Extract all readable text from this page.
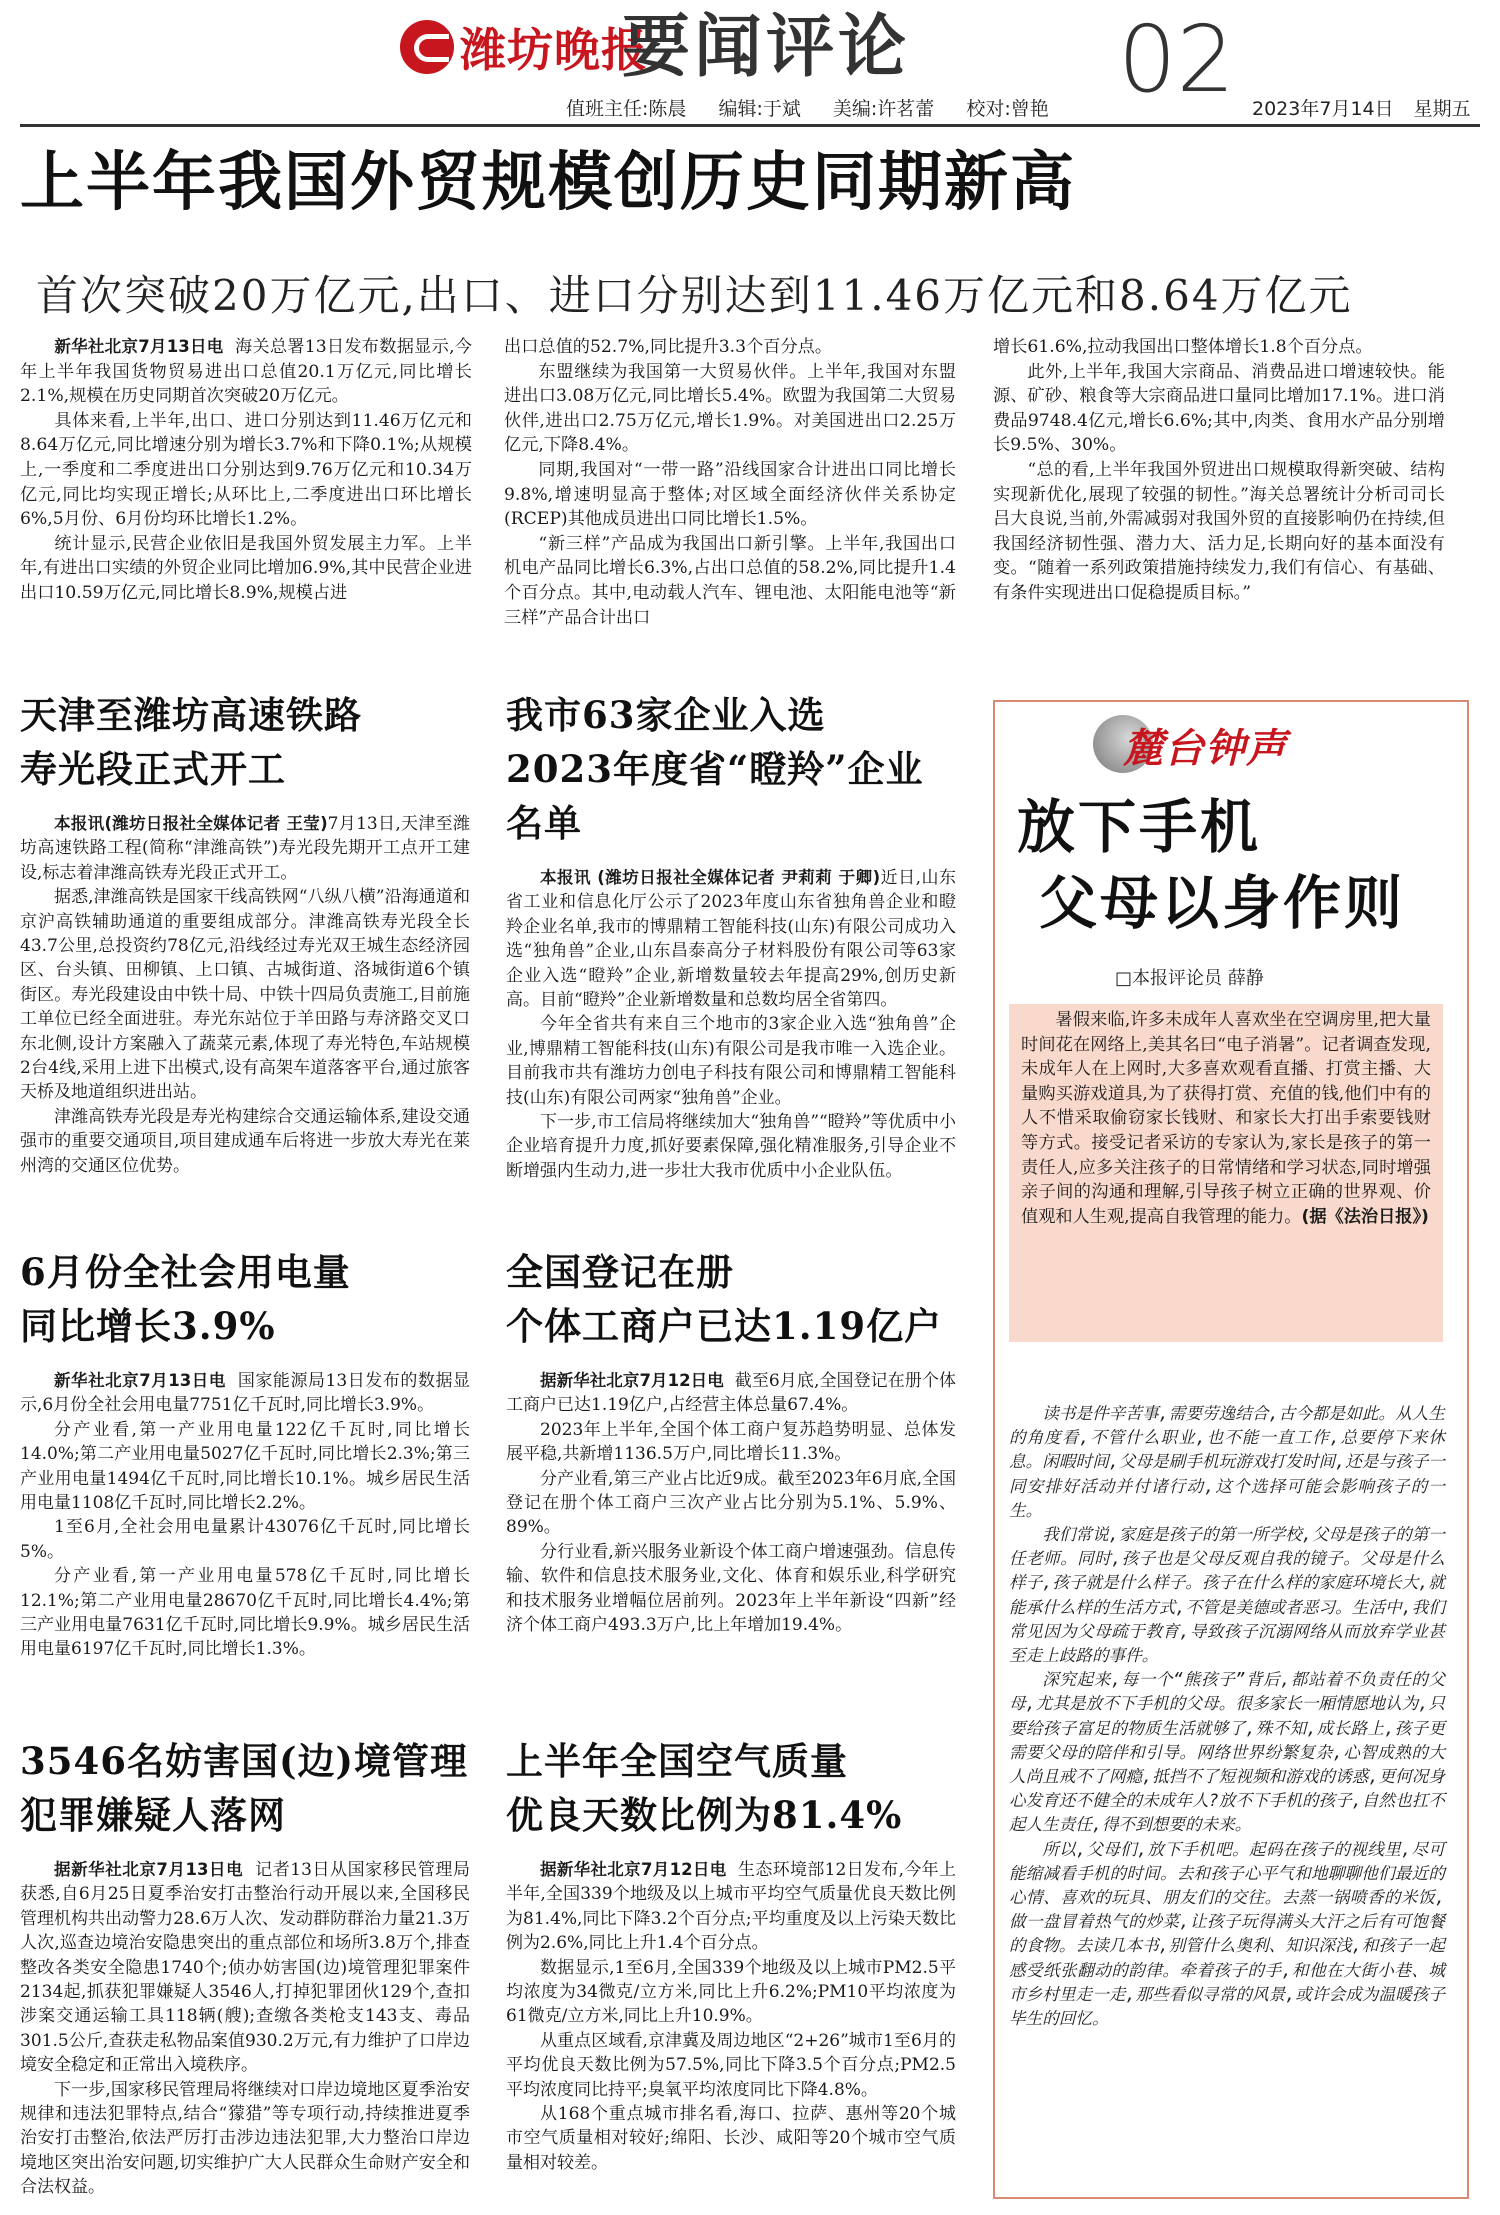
潍坊晚报
要闻评论 02
值班主任:陈晨 编辑:于斌 美编:许茗蕾 校对:曾艳	2023年7月14日 星期五
上半年我国外贸规模创历史同期新高
首次突破20万亿元,出口、进口分别达到11.46万亿元和8.64万亿元

新华社北京7月13日电 海关总署13日发布数据显示,今年上半年我国货物贸易进出口总值20.1万亿元,同比增长2.1%,规模在历史同期首次突破20万亿元。

具体来看,上半年,出口、进口分别达到11.46万亿元和8.64万亿元,同比增速分别为增长3.7%和下降0.1%;从规模上,一季度和二季度进出口分别达到9.76万亿元和10.34万亿元,同比均实现正增长;从环比上,二季度进出口环比增长6%,5月份、6月份均环比增长1.2%。

统计显示,民营企业依旧是我国外贸发展主力军。上半年,有进出口实绩的外贸企业同比增加6.9%,其中民营企业进出口10.59万亿元,同比增长8.9%,规模占进

出口总值的52.7%,同比提升3.3个百分点。

东盟继续为我国第一大贸易伙伴。上半年,我国对东盟进出口3.08万亿元,同比增长5.4%。欧盟为我国第二大贸易伙伴,进出口2.75万亿元,增长1.9%。对美国进出口2.25万亿元,下降8.4%。

同期,我国对“一带一路”沿线国家合计进出口同比增长9.8%,增速明显高于整体;对区域全面经济伙伴关系协定(RCEP)其他成员进出口同比增长1.5%。

“新三样”产品成为我国出口新引擎。上半年,我国出口机电产品同比增长6.3%,占出口总值的58.2%,同比提升1.4个百分点。其中,电动载人汽车、锂电池、太阳能电池等“新三样”产品合计出口

增长61.6%,拉动我国出口整体增长1.8个百分点。

此外,上半年,我国大宗商品、消费品进口增速较快。能源、矿砂、粮食等大宗商品进口量同比增加17.1%。进口消费品9748.4亿元,增长6.6%;其中,肉类、食用水产品分别增长9.5%、30%。

“总的看,上半年我国外贸进出口规模取得新突破、结构实现新优化,展现了较强的韧性。”海关总署统计分析司司长吕大良说,当前,外需减弱对我国外贸的直接影响仍在持续,但我国经济韧性强、潜力大、活力足,长期向好的基本面没有变。“随着一系列政策措施持续发力,我们有信心、有基础、有条件实现进出口促稳提质目标。”

天津至潍坊高速铁路
寿光段正式开工

本报讯(潍坊日报社全媒体记者 王莹)7月13日,天津至潍坊高速铁路工程(简称“津潍高铁”)寿光段先期开工点开工建设,标志着津潍高铁寿光段正式开工。

据悉,津潍高铁是国家干线高铁网“八纵八横”沿海通道和京沪高铁辅助通道的重要组成部分。津潍高铁寿光段全长43.7公里,总投资约78亿元,沿线经过寿光双王城生态经济园区、台头镇、田柳镇、上口镇、古城街道、洛城街道6个镇街区。寿光段建设由中铁十局、中铁十四局负责施工,目前施工单位已经全面进驻。寿光东站位于羊田路与寿济路交叉口东北侧,设计方案融入了蔬菜元素,体现了寿光特色,车站规模2台4线,采用上进下出模式,设有高架车道落客平台,通过旅客天桥及地道组织进出站。

津潍高铁寿光段是寿光构建综合交通运输体系,建设交通强市的重要交通项目,项目建成通车后将进一步放大寿光在莱州湾的交通区位优势。

我市63家企业入选
2023年度省“瞪羚”企业名单

本报讯 (潍坊日报社全媒体记者 尹莉莉 于卿)近日,山东省工业和信息化厅公示了2023年度山东省独角兽企业和瞪羚企业名单,我市的博鼎精工智能科技(山东)有限公司成功入选“独角兽”企业,山东昌泰高分子材料股份有限公司等63家企业入选“瞪羚”企业,新增数量较去年提高29%,创历史新高。目前“瞪羚”企业新增数量和总数均居全省第四。

今年全省共有来自三个地市的3家企业入选“独角兽”企业,博鼎精工智能科技(山东)有限公司是我市唯一入选企业。目前我市共有潍坊力创电子科技有限公司和博鼎精工智能科技(山东)有限公司两家“独角兽”企业。

下一步,市工信局将继续加大“独角兽”“瞪羚”等优质中小企业培育提升力度,抓好要素保障,强化精准服务,引导企业不断增强内生动力,进一步壮大我市优质中小企业队伍。

6月份全社会用电量
同比增长3.9%

新华社北京7月13日电 国家能源局13日发布的数据显示,6月份全社会用电量7751亿千瓦时,同比增长3.9%。

分产业看,第一产业用电量122亿千瓦时,同比增长14.0%;第二产业用电量5027亿千瓦时,同比增长2.3%;第三产业用电量1494亿千瓦时,同比增长10.1%。城乡居民生活用电量1108亿千瓦时,同比增长2.2%。

1至6月,全社会用电量累计43076亿千瓦时,同比增长5%。

分产业看,第一产业用电量578亿千瓦时,同比增长12.1%;第二产业用电量28670亿千瓦时,同比增长4.4%;第三产业用电量7631亿千瓦时,同比增长9.9%。城乡居民生活用电量6197亿千瓦时,同比增长1.3%。

全国登记在册
个体工商户已达1.19亿户

据新华社北京7月12日电 截至6月底,全国登记在册个体工商户已达1.19亿户,占经营主体总量67.4%。

2023年上半年,全国个体工商户复苏趋势明显、总体发展平稳,共新增1136.5万户,同比增长11.3%。

分产业看,第三产业占比近9成。截至2023年6月底,全国登记在册个体工商户三次产业占比分别为5.1%、5.9%、89%。

分行业看,新兴服务业新设个体工商户增速强劲。信息传输、软件和信息技术服务业,文化、体育和娱乐业,科学研究和技术服务业增幅位居前列。2023年上半年新设“四新”经济个体工商户493.3万户,比上年增加19.4%。

3546名妨害国(边)境管理
犯罪嫌疑人落网

据新华社北京7月13日电 记者13日从国家移民管理局获悉,自6月25日夏季治安打击整治行动开展以来,全国移民管理机构共出动警力28.6万人次、发动群防群治力量21.3万人次,巡查边境治安隐患突出的重点部位和场所3.8万个,排查整改各类安全隐患1740个;侦办妨害国(边)境管理犯罪案件2134起,抓获犯罪嫌疑人3546人,打掉犯罪团伙129个,查扣涉案交通运输工具118辆(艘);查缴各类枪支143支、毒品301.5公斤,查获走私物品案值930.2万元,有力维护了口岸边境安全稳定和正常出入境秩序。

下一步,国家移民管理局将继续对口岸边境地区夏季治安规律和违法犯罪特点,结合“獴猎”等专项行动,持续推进夏季治安打击整治,依法严厉打击涉边违法犯罪,大力整治口岸边境地区突出治安问题,切实维护广大人民群众生命财产安全和合法权益。

上半年全国空气质量
优良天数比例为81.4%

据新华社北京7月12日电 生态环境部12日发布,今年上半年,全国339个地级及以上城市平均空气质量优良天数比例为81.4%,同比下降3.2个百分点;平均重度及以上污染天数比例为2.6%,同比上升1.4个百分点。

数据显示,1至6月,全国339个地级及以上城市PM2.5平均浓度为34微克/立方米,同比上升6.2%;PM10平均浓度为61微克/立方米,同比上升10.9%。

从重点区域看,京津冀及周边地区“2+26”城市1至6月的平均优良天数比例为57.5%,同比下降3.5个百分点;PM2.5平均浓度同比持平;臭氧平均浓度同比下降4.8%。

从168个重点城市排名看,海口、拉萨、惠州等20个城市空气质量相对较好;绵阳、长沙、咸阳等20个城市空气质量相对较差。

麓台钟声
放下手机
父母以身作则
□本报评论员 薛静

暑假来临,许多未成年人喜欢坐在空调房里,把大量时间花在网络上,美其名曰“电子消暑”。记者调查发现,未成年人在上网时,大多喜欢观看直播、打赏主播、大量购买游戏道具,为了获得打赏、充值的钱,他们中有的人不惜采取偷窃家长钱财、和家长大打出手索要钱财等方式。接受记者采访的专家认为,家长是孩子的第一责任人,应多关注孩子的日常情绪和学习状态,同时增强亲子间的沟通和理解,引导孩子树立正确的世界观、价值观和人生观,提高自我管理的能力。(据《法治日报》)

读书是件辛苦事,需要劳逸结合,古今都是如此。从人生的角度看,不管什么职业,也不能一直工作,总要停下来休息。闲暇时间,父母是刷手机玩游戏打发时间,还是与孩子一同安排好活动并付诸行动,这个选择可能会影响孩子的一生。

我们常说,家庭是孩子的第一所学校,父母是孩子的第一任老师。同时,孩子也是父母反观自我的镜子。父母是什么样子,孩子就是什么样子。孩子在什么样的家庭环境长大,就能承什么样的生活方式,不管是美德或者恶习。生活中,我们常见因为父母疏于教育,导致孩子沉溺网络从而放弃学业甚至走上歧路的事件。

深究起来,每一个“熊孩子”背后,都站着不负责任的父母,尤其是放不下手机的父母。很多家长一厢情愿地认为,只要给孩子富足的物质生活就够了,殊不知,成长路上,孩子更需要父母的陪伴和引导。网络世界纷繁复杂,心智成熟的大人尚且戒不了网瘾,抵挡不了短视频和游戏的诱惑,更何况身心发育还不健全的未成年人?放不下手机的孩子,自然也扛不起人生责任,得不到想要的未来。

所以,父母们,放下手机吧。起码在孩子的视线里,尽可能缩减看手机的时间。去和孩子心平气和地聊聊他们最近的心情、喜欢的玩具、朋友们的交往。去蒸一锅喷香的米饭,做一盘冒着热气的炒菜,让孩子玩得满头大汗之后有可饱餐的食物。去读几本书,别管什么奥利、知识深浅,和孩子一起感受纸张翻动的韵律。牵着孩子的手,和他在大街小巷、城市乡村里走一走,那些看似寻常的风景,或许会成为温暖孩子毕生的回忆。
